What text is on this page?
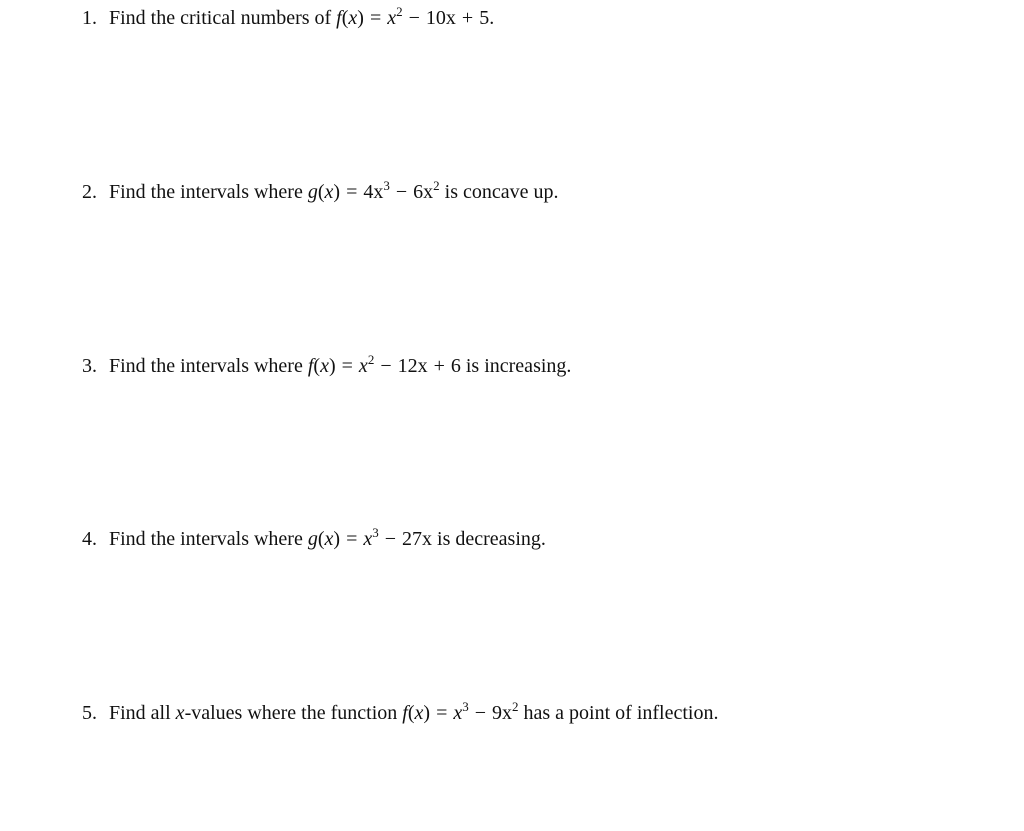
1. Find the critical numbers of $f(x) = x^2 - 10x + 5$.
2. Find the intervals where $g(x) = 4x^3 - 6x^2$ is concave up.
3. Find the intervals where $f(x) = x^2 - 12x + 6$ is increasing.
4. Find the intervals where $g(x) = x^3 - 27x$ is decreasing.
5. Find all x-values where the function $f(x) = x^3 - 9x^2$ has a point of inflection.
